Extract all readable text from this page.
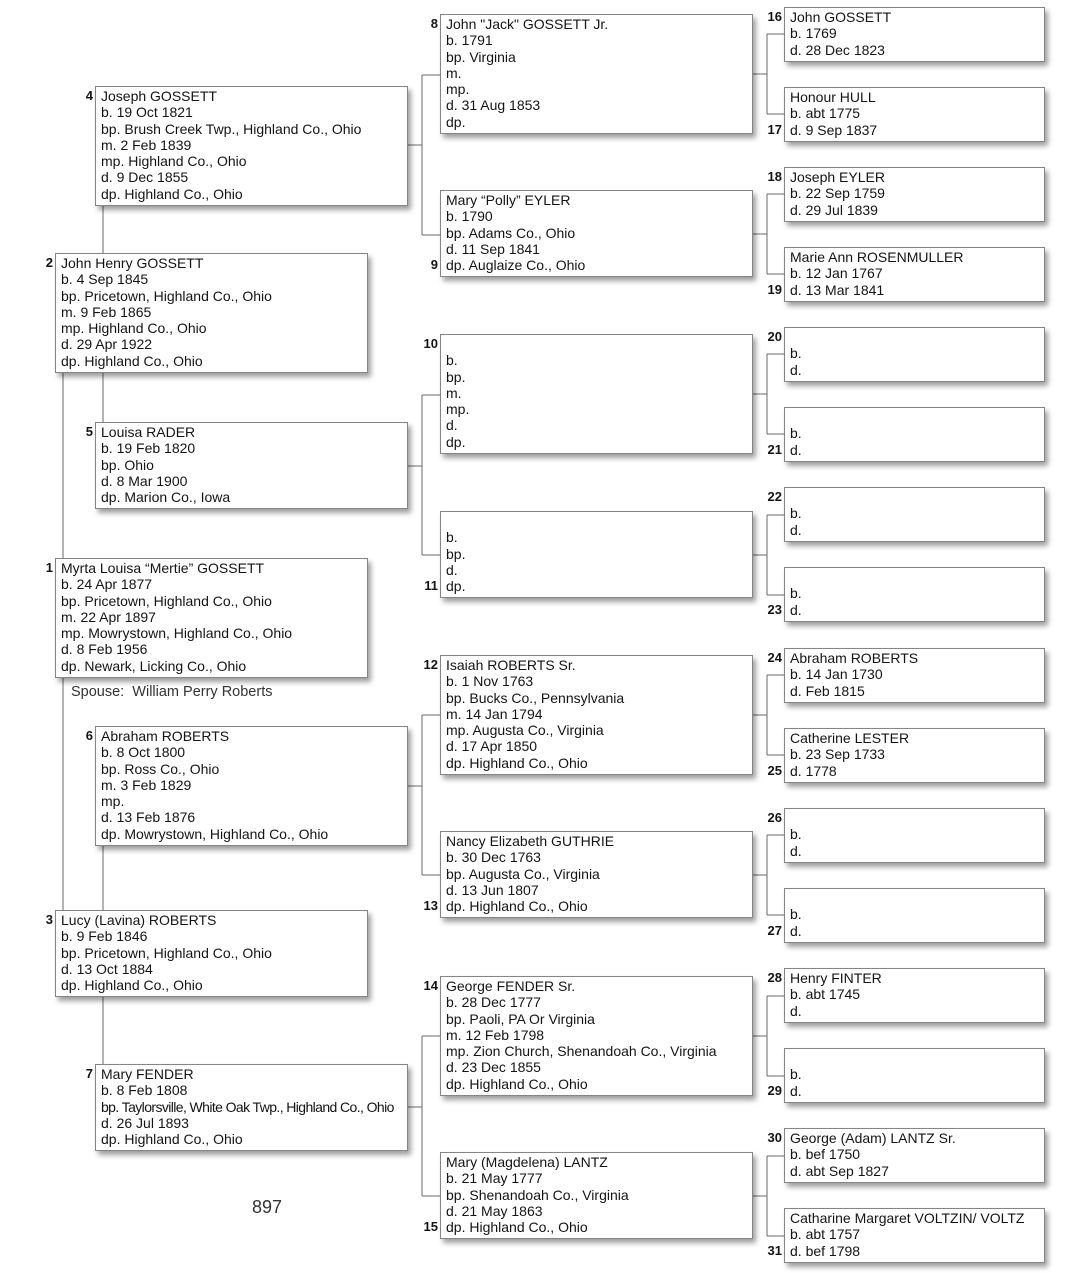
2 John Henry GOSSETT
b. 4 Sep 1845
bp. Pricetown, Highland Co., Ohio
m. 9 Feb 1865
mp. Highland Co., Ohio
d. 29 Apr 1922
dp. Highland Co., Ohio
1 Myrta Louisa “Mertie” GOSSETT
b. 24 Apr 1877
bp. Pricetown, Highland Co., Ohio
m. 22 Apr 1897
mp. Mowrystown, Highland Co., Ohio
d. 8 Feb 1956
dp. Newark, Licking Co., Ohio
Spouse: William Perry Roberts
3 Lucy (Lavina) ROBERTS
b. 9 Feb 1846
bp. Pricetown, Highland Co., Ohio
d. 13 Oct 1884
dp. Highland Co., Ohio
4 Joseph GOSSETT
b. 19 Oct 1821
bp. Brush Creek Twp., Highland Co., Ohio
m. 2 Feb 1839
mp. Highland Co., Ohio
d. 9 Dec 1855
dp. Highland Co., Ohio
5 Louisa RADER
b. 19 Feb 1820
bp. Ohio
d. 8 Mar 1900
dp. Marion Co., Iowa
6 Abraham ROBERTS
b. 8 Oct 1800
bp. Ross Co., Ohio
m. 3 Feb 1829
mp.
d. 13 Feb 1876
dp. Mowrystown, Highland Co., Ohio
7 Mary FENDER
b. 8 Feb 1808
bp. Taylorsville, White Oak Twp., Highland Co., Ohio
d. 26 Jul 1893
dp. Highland Co., Ohio
897
8 John "Jack" GOSSETT Jr.
b. 1791
bp. Virginia
m.
mp.
d. 31 Aug 1853
dp.
9
Mary “Polly” EYLER
b. 1790
bp. Adams Co., Ohio
d. 11 Sep 1841
dp. Auglaize Co., Ohio
10
b.
bp.
m.
mp.
d.
dp.
11
b.
bp.
d.
dp.
12 Isaiah ROBERTS Sr.
b. 1 Nov 1763
bp. Bucks Co., Pennsylvania
m. 14 Jan 1794
mp. Augusta Co., Virginia
d. 17 Apr 1850
dp. Highland Co., Ohio
13
Nancy Elizabeth GUTHRIE
b. 30 Dec 1763
bp. Augusta Co., Virginia
d. 13 Jun 1807
dp. Highland Co., Ohio
14 George FENDER Sr.
b. 28 Dec 1777
bp. Paoli, PA Or Virginia
m. 12 Feb 1798
mp. Zion Church, Shenandoah Co., Virginia
d. 23 Dec 1855
dp. Highland Co., Ohio
15
Mary (Magdelena) LANTZ
b. 21 May 1777
bp. Shenandoah Co., Virginia
d. 21 May 1863
dp. Highland Co., Ohio
16 John GOSSETT
b. 1769
d. 28 Dec 1823
17
Honour HULL
b. abt 1775
d. 9 Sep 1837
18 Joseph EYLER
b. 22 Sep 1759
d. 29 Jul 1839
19
Marie Ann ROSENMULLER
b. 12 Jan 1767
d. 13 Mar 1841
20
b.
d.
21
b.
d.
22
b.
d.
23
b.
d.
24 Abraham ROBERTS
b. 14 Jan 1730
d. Feb 1815
25
Catherine LESTER
b. 23 Sep 1733
d. 1778
26
b.
d.
27
b.
d.
28 Henry FINTER
b. abt 1745
d.
29
b.
d.
30 George (Adam) LANTZ Sr.
b. bef 1750
d. abt Sep 1827
31
Catharine Margaret VOLTZIN/ VOLTZ
b. abt 1757
d. bef 1798
